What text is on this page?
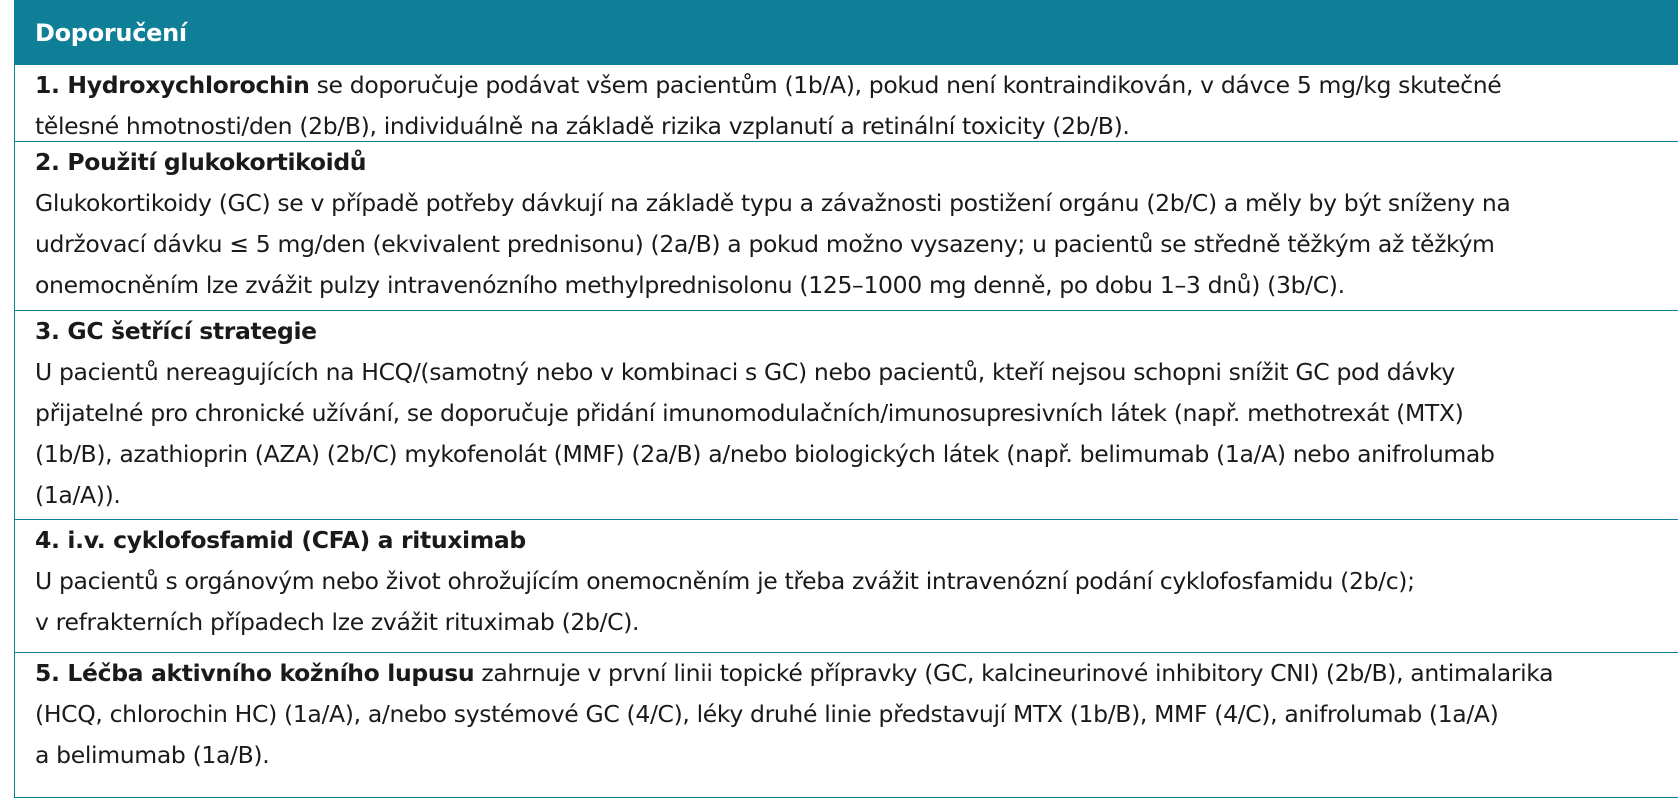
Doporučení
1. Hydroxychlorochin se doporučuje podávat všem pacientům (1b/A), pokud není kontraindikován, v dávce 5 mg/kg skutečné
tělesné hmotnosti/den (2b/B), individuálně na základě rizika vzplanutí a retinální toxicity (2b/B).
2. Použití glukokortikoidů
Glukokortikoidy (GC) se v případě potřeby dávkují na základě typu a závažnosti postižení orgánu (2b/C) a měly by být sníženy na
udržovací dávku ≤ 5 mg/den (ekvivalent prednisonu) (2a/B) a pokud možno vysazeny; u pacientů se středně těžkým až těžkým
onemocněním lze zvážit pulzy intravenózního methylprednisolonu (125–1000 mg denně, po dobu 1–3 dnů) (3b/C).
3. GC šetřící strategie
U pacientů nereagujících na HCQ/(samotný nebo v kombinaci s GC) nebo pacientů, kteří nejsou schopni snížit GC pod dávky
přijatelné pro chronické užívání, se doporučuje přidání imunomodulačních/imunosupresivních látek (např. methotrexát (MTX)
(1b/B), azathioprin (AZA) (2b/C) mykofenolát (MMF) (2a/B) a/nebo biologických látek (např. belimumab (1a/A) nebo anifrolumab
(1a/A)).
4. i.v. cyklofosfamid (CFA) a rituximab
U pacientů s orgánovým nebo život ohrožujícím onemocněním je třeba zvážit intravenózní podání cyklofosfamidu (2b/c);
v refrakterních případech lze zvážit rituximab (2b/C).
5. Léčba aktivního kožního lupusu zahrnuje v první linii topické přípravky (GC, kalcineurinové inhibitory CNI) (2b/B), antimalarika
(HCQ, chlorochin HC) (1a/A), a/nebo systémové GC (4/C), léky druhé linie představují MTX (1b/B), MMF (4/C), anifrolumab (1a/A)
a belimumab (1a/B).
